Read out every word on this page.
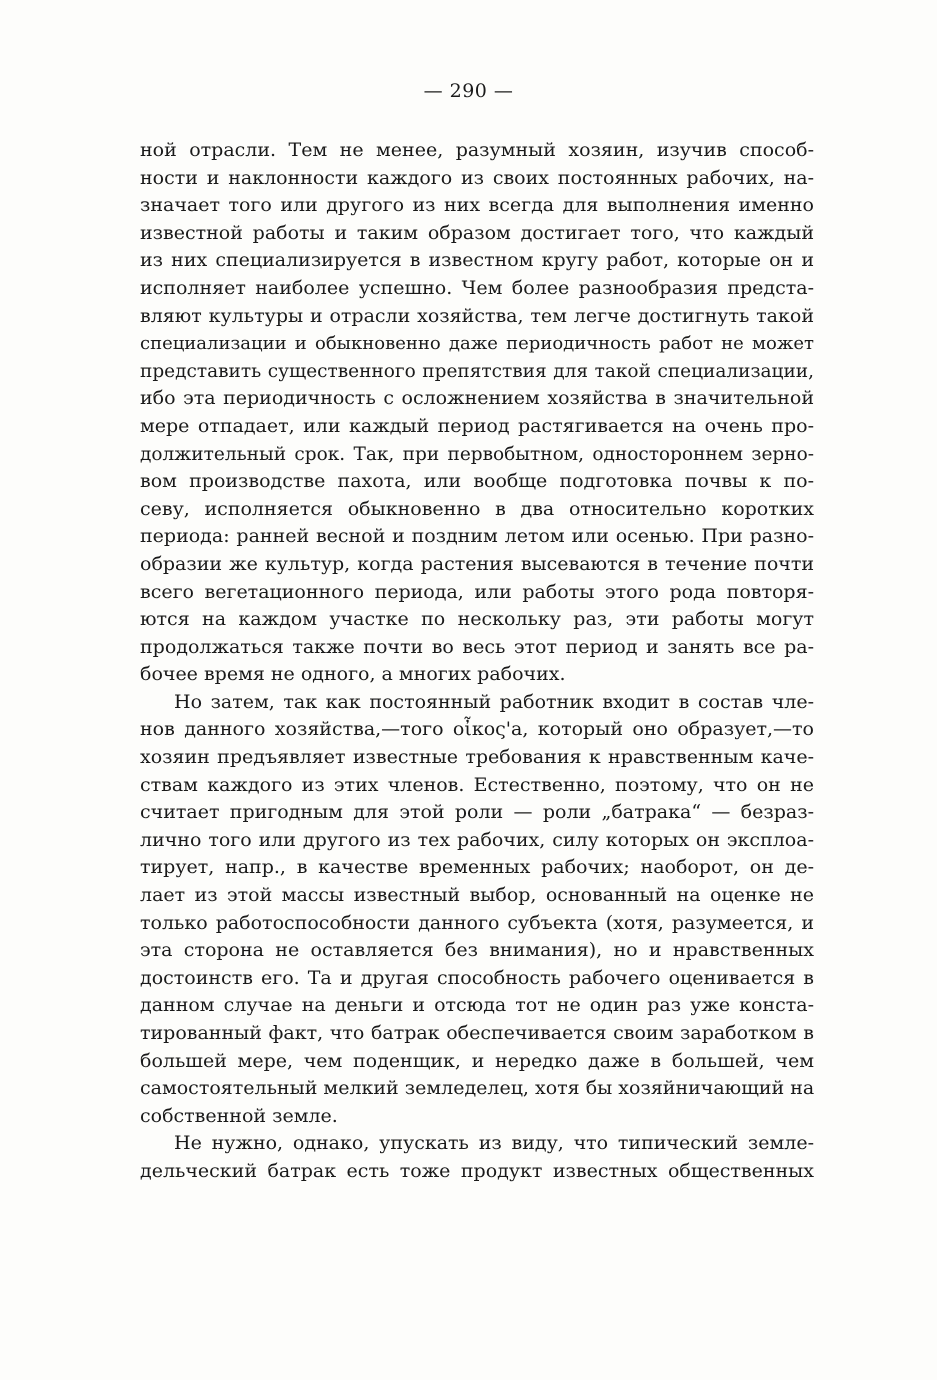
— 290 —
ной отрасли. Тем не менее, разумный хозяин, изучив способ-
ности и наклонности каждого из своих постоянных рабочих, на-
значает того или другого из них всегда для выполнения именно
известной работы и таким образом достигает того, что каждый
из них специализируется в известном кругу работ, которые он и
исполняет наиболее успешно. Чем более разнообразия предста-
вляют культуры и отрасли хозяйства, тем легче достигнуть такой
специализации и обыкновенно даже периодичность работ не может
представить существенного препятствия для такой специализации,
ибо эта периодичность с осложнением хозяйства в значительной
мере отпадает, или каждый период растягивается на очень про-
должительный срок. Так, при первобытном, одностороннем зерно-
вом производстве пахота, или вообще подготовка почвы к по-
севу, исполняется обыкновенно в два относительно коротких
периода: ранней весной и поздним летом или осенью. При разно-
образии же культур, когда растения высеваются в течение почти
всего вегетационного периода, или работы этого рода повторя-
ются на каждом участке по нескольку раз, эти работы могут
продолжаться также почти во весь этот период и занять все ра-
бочее время не одного, а многих рабочих.
Но затем, так как постоянный работник входит в состав чле-
нов данного хозяйства,—того οἶκος'а, который оно образует,—то
хозяин предъявляет известные требования к нравственным каче-
ствам каждого из этих членов. Естественно, поэтому, что он не
считает пригодным для этой роли — роли „батрака“ — безраз-
лично того или другого из тех рабочих, силу которых он эксплоа-
тирует, напр., в качестве временных рабочих; наоборот, он де-
лает из этой массы известный выбор, основанный на оценке не
только работоспособности данного субъекта (хотя, разумеется, и
эта сторона не оставляется без внимания), но и нравственных
достоинств его. Та и другая способность рабочего оценивается в
данном случае на деньги и отсюда тот не один раз уже конста-
тированный факт, что батрак обеспечивается своим заработком в
большей мере, чем поденщик, и нередко даже в большей, чем
самостоятельный мелкий земледелец, хотя бы хозяйничающий на
собственной земле.
Не нужно, однако, упускать из виду, что типический земле-
дельческий батрак есть тоже продукт известных общественных
